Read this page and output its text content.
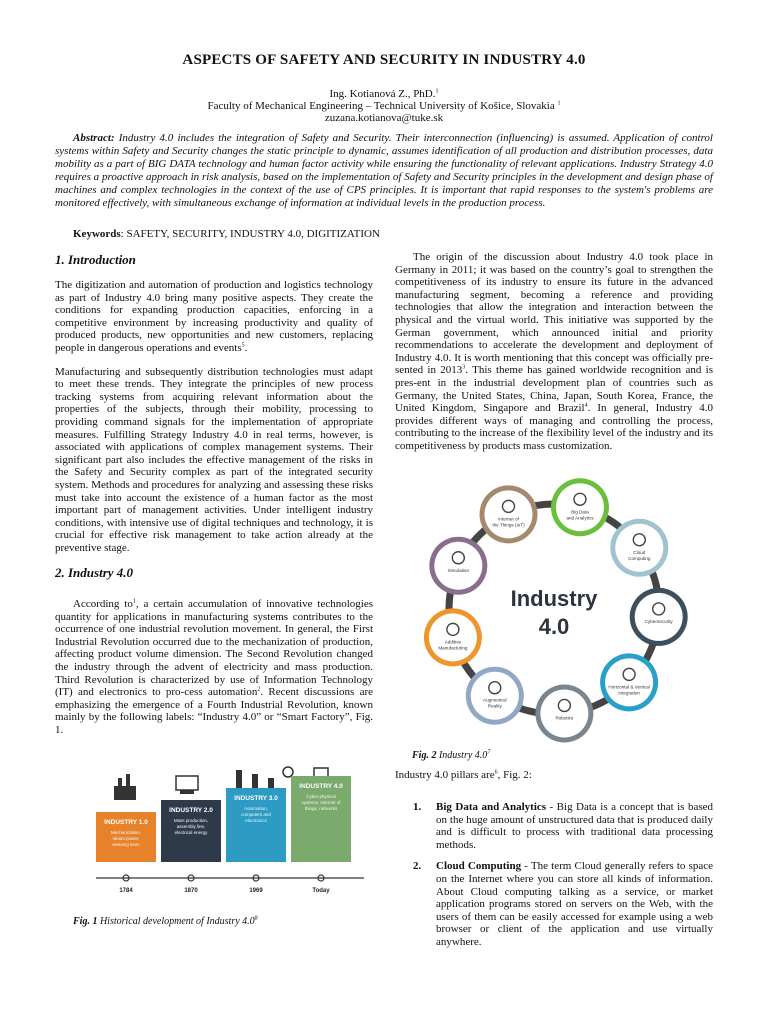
ASPECTS OF SAFETY AND SECURITY IN INDUSTRY 4.0
Ing. Kotianová Z., PhD.$^1$
Faculty of Mechanical Engineering – Technical University of Košice, Slovakia $^1$
zuzana.kotianova@tuke.sk
Abstract: Industry 4.0 includes the integration of Safety and Security. Their interconnection (influencing) is assumed. Application of control systems within Safety and Security changes the static principle to dynamic, assumes identification of all production and distribution processes, data mobility as a part of BIG DATA technology and human factor activity while ensuring the functionality of relevant applications. Industry Strategy 4.0 requires a proactive approach in risk analysis, based on the implementation of Safety and Security principles in the development and design phase of machines and complex technologies in the context of the use of CPS principles. It is important that rapid responses to the system's problems are monitored effectively, with simultaneous exchange of information at individual levels in the production process.
Keywords: SAFETY, SECURITY, INDUSTRY 4.0, DIGITIZATION
1. Introduction

The digitization and automation of production and logistics technology as part of Industry 4.0 bring many positive aspects. They create the conditions for expanding production capacities, enforcing in a competitive environment by increasing productivity and quality of produced products, new opportunities and new customers, replacing people in dangerous operations and events$^5$.

Manufacturing and subsequently distribution technologies must adapt to meet these trends. They integrate the principles of new process tracking systems from acquiring relevant information about the properties of the subjects, through their mobility, processing to providing command signals for the implementation of appropriate measures. Fulfilling Strategy Industry 4.0 in real terms, however, is associated with applications of complex management systems. Their significant part also includes the effective management of the risks in the Safety and Security complex as part of the integrated security system. Methods and procedures for analyzing and assessing these risks must take into account the existence of a human factor as the most important part of management activities. Under intelligent industry conditions, with intensive use of digital techniques and technology, it is crucial for effective risk management to take action already at the preventive stage.

2. Industry 4.0

According $to^1$, a certain accumulation of innovative technologies quantity for applications in manufacturing systems contributes to the occurrence of one industrial revolution movement. In general, the First Industrial Revolution occurred due to the mechanization of production, affecting product volume dimension. The Second Revolution changed the industry through the advent of electricity and mass production. Third Revolution is characterized by use of Information Technology (IT) and electronics to pro-cess automation$^2$. Recent discussions are emphasizing the emergence of a Fourth Industrial Revolution, known mainly by the following labels: “Industry 4.0” or “Smart Factory”, Fig. 1.

INDUSTRY 1.0
Mechanization,
steam power,
weaving loom
1784
INDUSTRY 2.0
Mass production,
assembly line,
electrical energy
1870
INDUSTRY 3.0
Automation,
computers and
electronics
1969
INDUSTRY 4.0
Cyber physical
systems, internet of
things, networks
Today
Fig. 1 Historical development of Industry $4.0^8$

The origin of the discussion about Industry 4.0 took place in Germany in 2011; it was based on the country’s goal to strengthen the competitiveness of its industry to ensure its future in the advanced manufacturing segment, becoming a reference and providing technologies that allow the integration and interaction between the physical and the virtual world. This initiative was supported by the German government, which announced initial and priority recommendations to accelerate the development and deployment of Industry 4.0. It is worth mentioning that this concept was officially pre-sented in 2013$^3$. This theme has gained worldwide recognition and is pres-ent in the industrial development plan of countries such as Germany, the United States, China, Japan, South Korea, France, the United Kingdom, Singapore and Brazil$^4$. In general, Industry 4.0 provides different ways of managing and controlling the process, contributing to the increase of the flexibility level of the industry and its competitiveness by products mass customization.

Big Data
and Analytics
Cloud
Computing
Cybersecurity
Horizontal & Vertical
Integration
Robotics
Augmented
Reality
Additive
Manufacturing
Simulation
Internet of
the Things (IoT)
Industry
4.0
Fig. 2 Industry $4.0^7$
Industry 4.0 pillars are$^6$, Fig. 2:
1. Big Data and Analytics - Big Data is a concept that is based on the huge amount of unstructured data that is produced daily and is difficult to process with traditional data processing methods.
2. Cloud Computing - The term Cloud generally refers to space on the Internet where you can store all kinds of information. About Cloud computing talking as a service, or market application programs stored on servers on the Web, with the users of them can be easily accessed for example using a web browser or client of the application and use virtually anywhere.
